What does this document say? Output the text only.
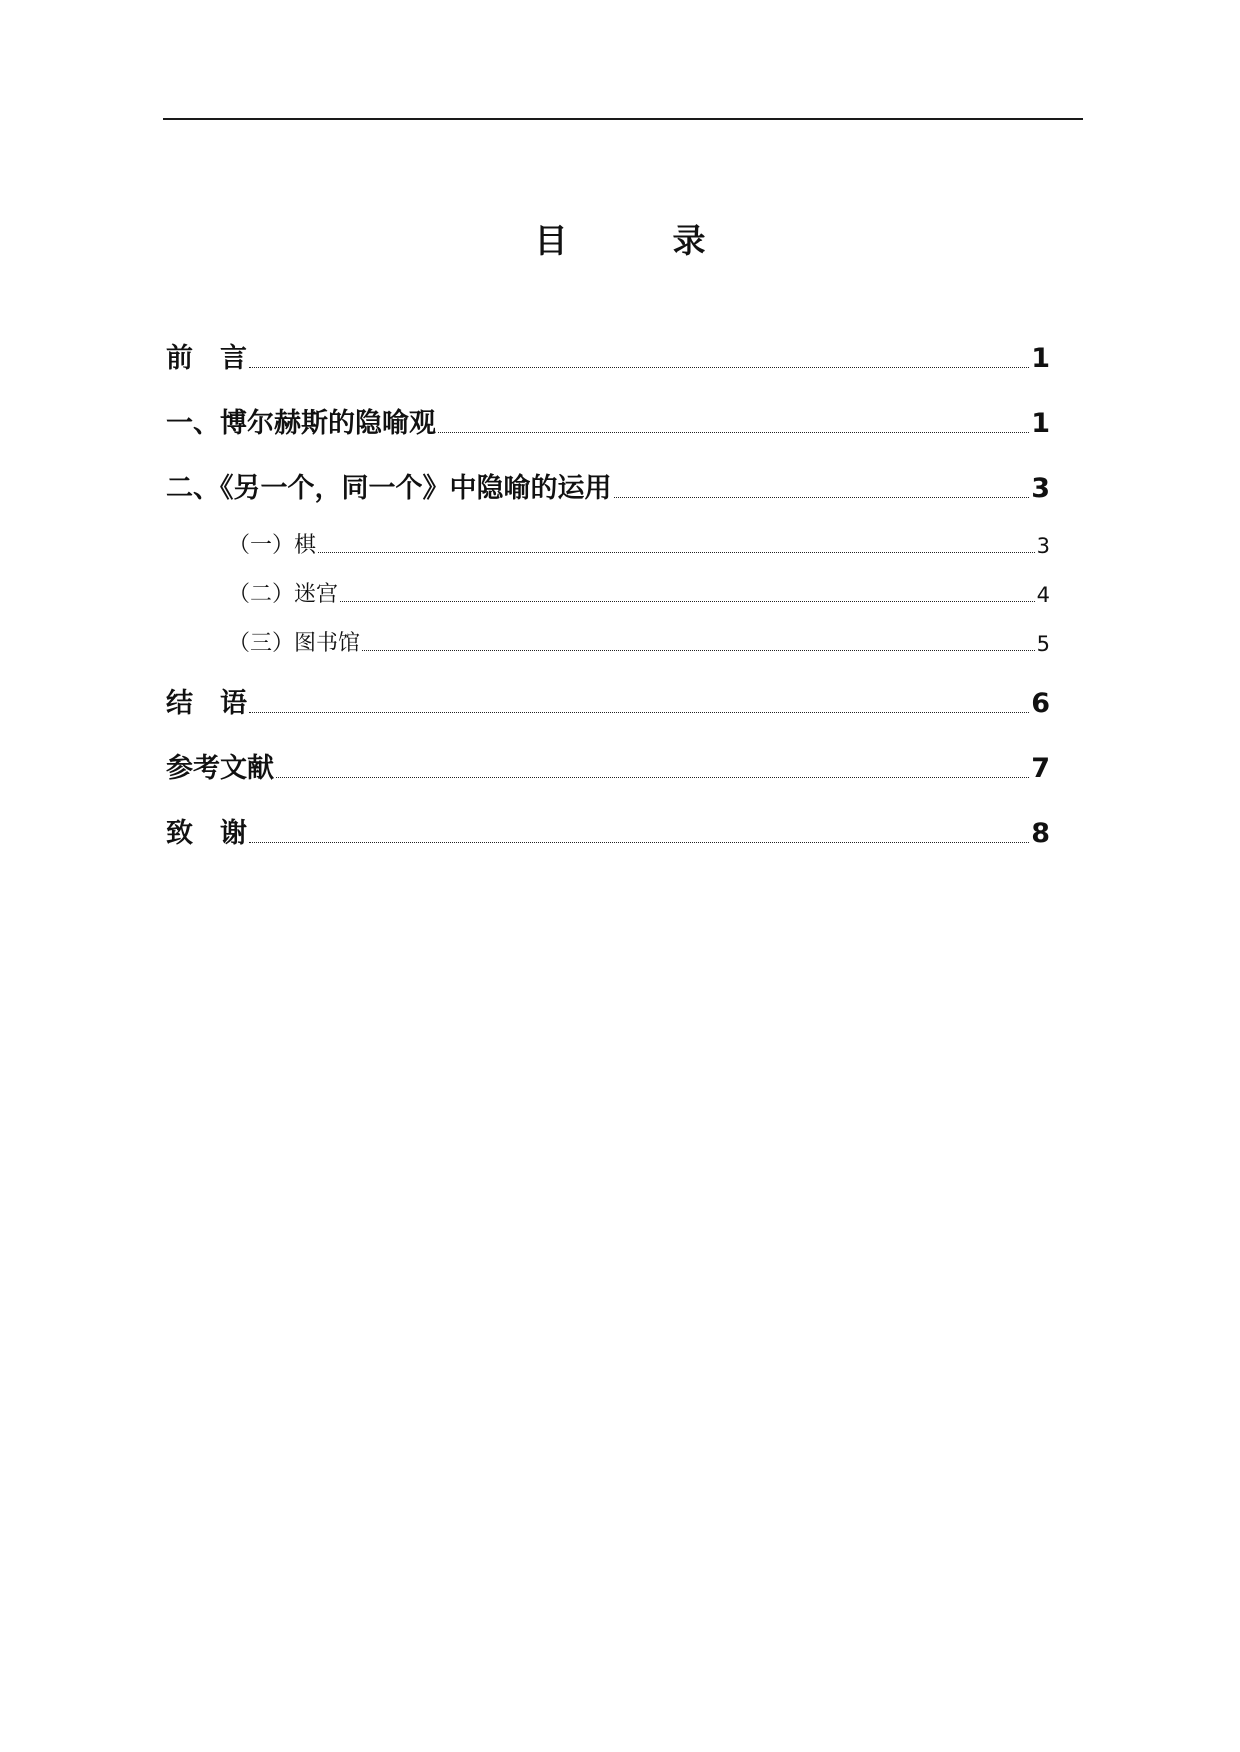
目　录
前　言	1
一、博尔赫斯的隐喻观	1
二、《另一个，同一个》中隐喻的运用	3
（一）棋	3
（二）迷宫	4
（三）图书馆	5
结　语	6
参考文献	7
致　谢	8
